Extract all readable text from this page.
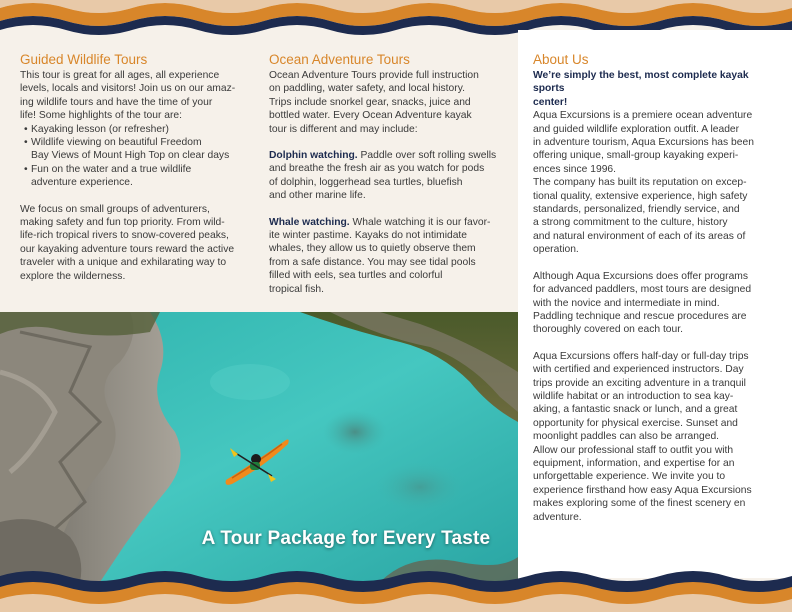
Guided Wildlife Tours

This tour is great for all ages, all experience
levels, locals and visitors! Join us on our amaz-
ing wildlife tours and have the time of your
life! Some highlights of the tour are:

• Kayaking lesson (or refresher)

• Wildlife viewing on beautiful Freedom
Bay Views of Mount High Top on clear days

• Fun on the water and a true wildlife
adventure experience.

We focus on small groups of adventurers,
making safety and fun top priority. From wild-
life-rich tropical rivers to snow-covered peaks,
our kayaking adventure tours reward the active
traveler with a unique and exhilarating way to
explore the wilderness.

Ocean Adventure Tours

Ocean Adventure Tours provide full instruction
on paddling, water safety, and local history.
Trips include snorkel gear, snacks, juice and
bottled water. Every Ocean Adventure kayak
tour is different and may include:

Dolphin watching. Paddle over soft rolling swells
and breathe the fresh air as you watch for pods
of dolphin, loggerhead sea turtles, bluefish
and other marine life.

Whale watching. Whale watching it is our favor-
ite winter pastime. Kayaks do not intimidate
whales, they allow us to quietly observe them
from a safe distance. You may see tidal pools
filled with eels, sea turtles and colorful
tropical fish.

About Us

We’re simply the best, most complete kayak sports
center!

Aqua Excursions is a premiere ocean adventure
and guided wildlife exploration outfit. A leader
in adventure tourism, Aqua Excursions has been
offering unique, small-group kayaking experi-
ences since 1996.
The company has built its reputation on excep-
tional quality, extensive experience, high safety
standards, personalized, friendly service, and
a strong commitment to the culture, history
and natural environment of each of its areas of
operation.

Although Aqua Excursions does offer programs
for advanced paddlers, most tours are designed
with the novice and intermediate in mind.
Paddling technique and rescue procedures are
thoroughly covered on each tour.

Aqua Excursions offers half-day or full-day trips
with certified and experienced instructors. Day
trips provide an exciting adventure in a tranquil
wildlife habitat or an introduction to sea kay-
aking, a fantastic snack or lunch, and a great
opportunity for physical exercise. Sunset and
moonlight paddles can also be arranged.
Allow our professional staff to outfit you with
equipment, information, and expertise for an
unforgettable experience. We invite you to
experience firsthand how easy Aqua Excursions
makes exploring some of the finest scenery en
adventure.

A Tour Package for Every Taste
